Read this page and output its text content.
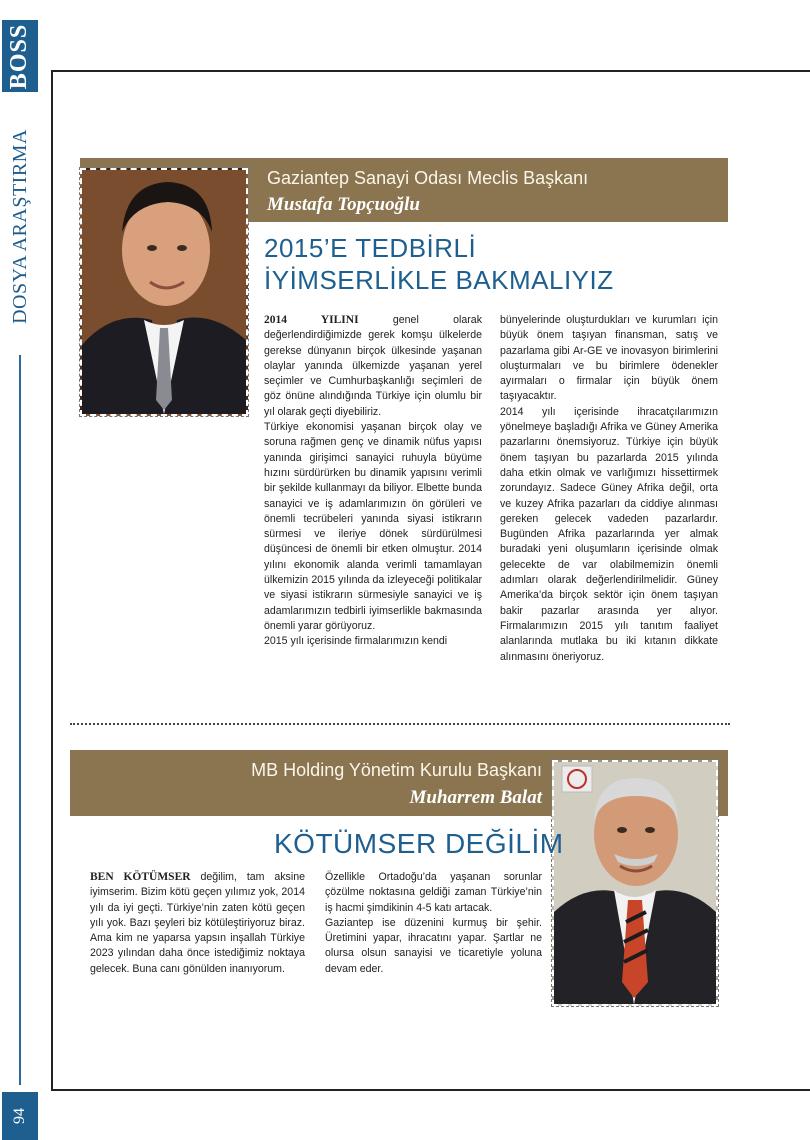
BOSS
DOSYA ARAŞTIRMA
94
Gaziantep Sanayi Odası Meclis Başkanı
Mustafa Topçuoğlu
2015’E TEDBİRLİ
İYİMSERLİKLE BAKMALIYIZ

2014 YILINI genel olarak değerlendirdiğimizde gerek komşu ülkelerde gerekse dünyanın birçok ülkesinde yaşanan olaylar yanında ülkemizde yaşanan yerel seçimler ve Cumhurbaşkanlığı seçimleri de göz önüne alındığında Türkiye için olumlu bir yıl olarak geçti diyebiliriz.

Türkiye ekonomisi yaşanan birçok olay ve soruna rağmen genç ve dinamik nüfus yapısı yanında girişimci sanayici ruhuyla büyüme hızını sürdürürken bu dinamik yapısını verimli bir şekilde kullanmayı da biliyor. Elbette bunda sanayici ve iş adamlarımızın ön görüleri ve önemli tecrübeleri yanında siyasi istikrarın sürmesi ve ileriye dönek sürdürülmesi düşüncesi de önemli bir etken olmuştur. 2014 yılını ekonomik alanda verimli tamamlayan ülkemizin 2015 yılında da izleyeceği politikalar ve siyasi istikrarın sürmesiyle sanayici ve iş adamlarımızın tedbirli iyimserlikle bakmasında önemli yarar görüyoruz.

2015 yılı içerisinde firmalarımızın kendi

bünyelerinde oluşturdukları ve kurumları için büyük önem taşıyan finansman, satış ve pazarlama gibi Ar-GE ve inovasyon birimlerini oluşturmaları ve bu birimlere ödenekler ayırmaları o firmalar için büyük önem taşıyacaktır.

2014 yılı içerisinde ihracatçılarımızın yönelmeye başladığı Afrika ve Güney Amerika pazarlarını önemsiyoruz. Türkiye için büyük önem taşıyan bu pazarlarda 2015 yılında daha etkin olmak ve varlığımızı hissettirmek zorundayız. Sadece Güney Afrika değil, orta ve kuzey Afrika pazarları da ciddiye alınması gereken gelecek vadeden pazarlardır. Bugünden Afrika pazarlarında yer almak buradaki yeni oluşumların içerisinde olmak gelecekte de var olabilmemizin önemli adımları olarak değerlendirilmelidir. Güney Amerika’da birçok sektör için önem taşıyan bakir pazarlar arasında yer alıyor. Firmalarımızın 2015 yılı tanıtım faaliyet alanlarında mutlaka bu iki kıtanın dikkate alınmasını öneriyoruz.

MB Holding Yönetim Kurulu Başkanı
Muharrem Balat
KÖTÜMSER DEĞİLİM

BEN KÖTÜMSER değilim, tam aksine iyimserim. Bizim kötü geçen yılımız yok, 2014 yılı da iyi geçti. Türkiye’nin zaten kötü geçen yılı yok. Bazı şeyleri biz kötüleştiriyoruz biraz. Ama kim ne yaparsa yapsın inşallah Türkiye 2023 yılından daha önce istediğimiz noktaya gelecek. Buna canı gönülden inanıyorum.

Özellikle Ortadoğu’da yaşanan sorunlar çözülme noktasına geldiği zaman Türkiye’nin iş hacmi şimdikinin 4-5 katı artacak.

Gaziantep ise düzenini kurmuş bir şehir. Üretimini yapar, ihracatını yapar. Şartlar ne olursa olsun sanayisi ve ticaretiyle yoluna devam eder.
